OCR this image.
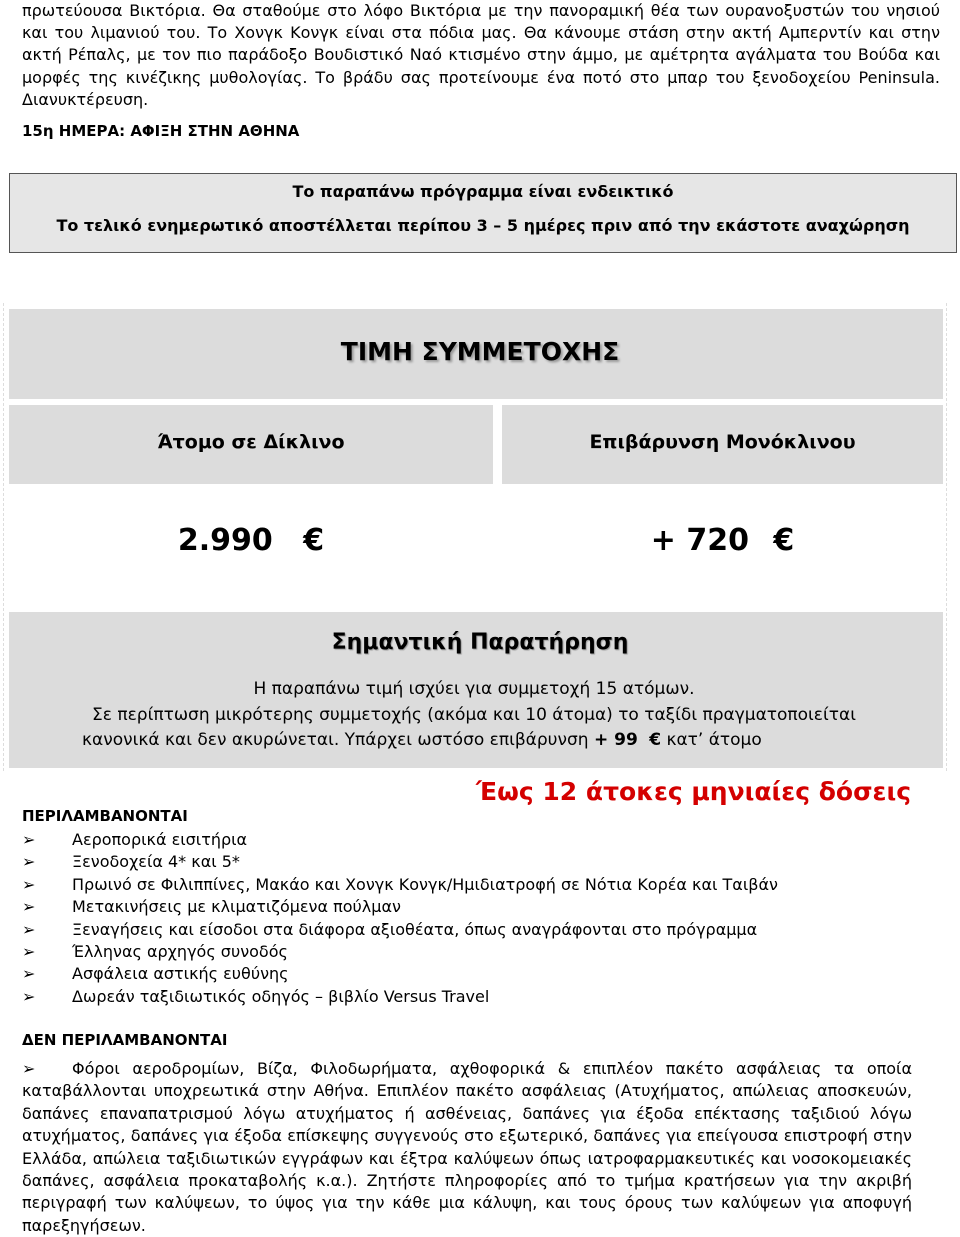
πρωτεύουσα Βικτόρια. Θα σταθούμε στο λόφο Βικτόρια με την πανοραμική θέα των ουρανοξυστών του νησιού και του λιμανιού του. Το Χονγκ Κονγκ είναι στα πόδια μας. Θα κάνουμε στάση στην ακτή Αμπερντίν και στην ακτή Ρέπαλς, με τον πιο παράδοξο Βουδιστικό Ναό κτισμένο στην άμμο, με αμέτρητα αγάλματα του Βούδα και μορφές της κινέζικης μυθολογίας. Το βράδυ σας προτείνουμε ένα ποτό στο μπαρ του ξενοδοχείου Peninsula. Διανυκτέρευση.

15η ΗΜΕΡΑ: ΑΦΙΞΗ ΣΤΗΝ ΑΘΗΝΑ
Το παραπάνω πρόγραμμα είναι ενδεικτικό
Το τελικό ενημερωτικό αποστέλλεται περίπου 3 – 5 ημέρες πριν από την εκάστοτε αναχώρηση
ΤΙΜΗ ΣΥΜΜΕΤΟΧΗΣ
Άτομο σε Δίκλινο	Επιβάρυνση Μονόκλινου
2.990 €	+ 720 €
Σημαντική Παρατήρηση
Η παραπάνω τιμή ισχύει για συμμετοχή 15 ατόμων.
Σε περίπτωση μικρότερης συμμετοχής (ακόμα και 10 άτομα) το ταξίδι πραγματοποιείται
κανονικά και δεν ακυρώνεται. Υπάρχει ωστόσο επιβάρυνση + 99 € κατ’ άτομο
Έως 12 άτοκες μηνιαίες δόσεις
ΠΕΡΙΛΑΜΒΑΝΟΝΤΑΙ
➢ Αεροπορικά εισιτήρια
➢ Ξενοδοχεία 4* και 5*
➢ Πρωινό σε Φιλιππίνες, Μακάο και Χονγκ Κονγκ/Ημιδιατροφή σε Νότια Κορέα και Ταιβάν
➢ Μετακινήσεις με κλιματιζόμενα πούλμαν
➢ Ξεναγήσεις και είσοδοι στα διάφορα αξιοθέατα, όπως αναγράφονται στο πρόγραμμα
➢ Έλληνας αρχηγός συνοδός
➢ Ασφάλεια αστικής ευθύνης
➢ Δωρεάν ταξιδιωτικός οδηγός – βιβλίο Versus Travel
ΔΕΝ ΠΕΡΙΛΑΜΒΑΝΟΝΤΑΙ
➢ Φόροι αεροδρομίων, Βίζα, Φιλοδωρήματα, αχθοφορικά & επιπλέον πακέτο ασφάλειας τα οποία καταβάλλονται υποχρεωτικά στην Αθήνα. Επιπλέον πακέτο ασφάλειας (Ατυχήματος, απώλειας αποσκευών, δαπάνες επαναπατρισμού λόγω ατυχήματος ή ασθένειας, δαπάνες για έξοδα επέκτασης ταξιδιού λόγω ατυχήματος, δαπάνες για έξοδα επίσκεψης συγγενούς στο εξωτερικό, δαπάνες για επείγουσα επιστροφή στην Ελλάδα, απώλεια ταξιδιωτικών εγγράφων και έξτρα καλύψεων όπως ιατροφαρμακευτικές και νοσοκομειακές δαπάνες, ασφάλεια προκαταβολής κ.α.). Ζητήστε πληροφορίες από το τμήμα κρατήσεων για την ακριβή περιγραφή των καλύψεων, το ύψος για την κάθε μια κάλυψη, και τους όρους των καλύψεων για αποφυγή παρεξηγήσεων.
